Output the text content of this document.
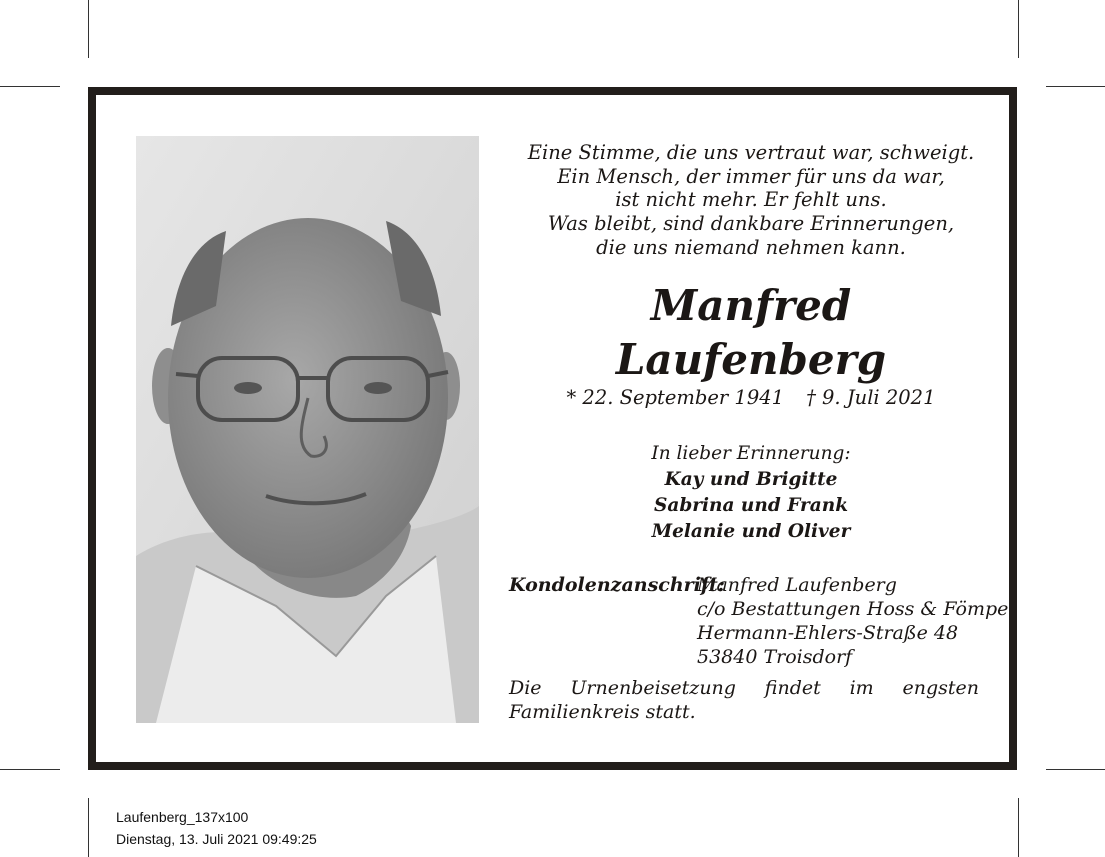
Eine Stimme, die uns vertraut war, schweigt.
Ein Mensch, der immer für uns da war,
ist nicht mehr. Er fehlt uns.
Was bleibt, sind dankbare Erinnerungen,
die uns niemand nehmen kann.
Manfred
Laufenberg
* 22. September 1941 † 9. Juli 2021
In lieber Erinnerung:
Kay und Brigitte
Sabrina und Frank
Melanie und Oliver
Kondolenzanschrift:
Manfred Laufenberg
c/o Bestattungen Hoss & Fömpe
Hermann-Ehlers-Straße 48
53840 Troisdorf
Die Urnenbeisetzung findet im engsten Familienkreis statt.
Laufenberg_137x100
Dienstag, 13. Juli 2021 09:49:25
